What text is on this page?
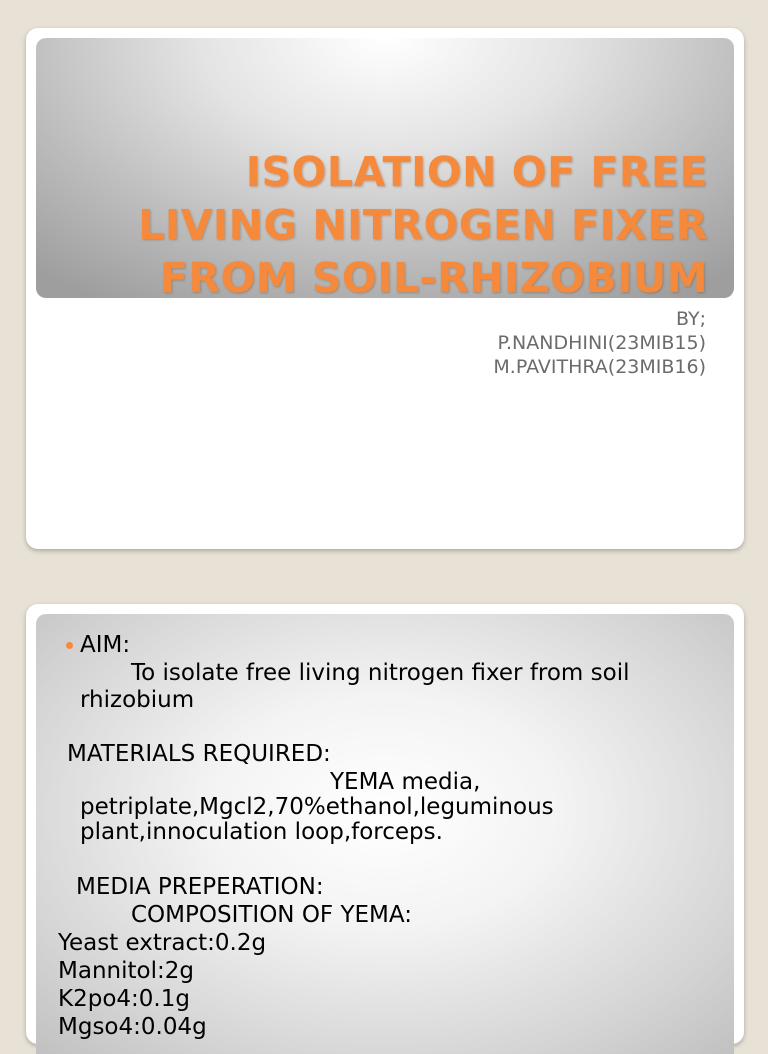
ISOLATION OF FREE
LIVING NITROGEN FIXER
FROM SOIL-RHIZOBIUM
BY;
P.NANDHINI(23MIB15)
M.PAVITHRA(23MIB16)
AIM:
To isolate free living nitrogen fixer from soil
rhizobium
MATERIALS REQUIRED:
YEMA media,
petriplate,Mgcl2,70%ethanol,leguminous
plant,innoculation loop,forceps.
MEDIA PREPERATION:
COMPOSITION OF YEMA:
Yeast extract:0.2g
Mannitol:2g
K2po4:0.1g
Mgso4:0.04g
